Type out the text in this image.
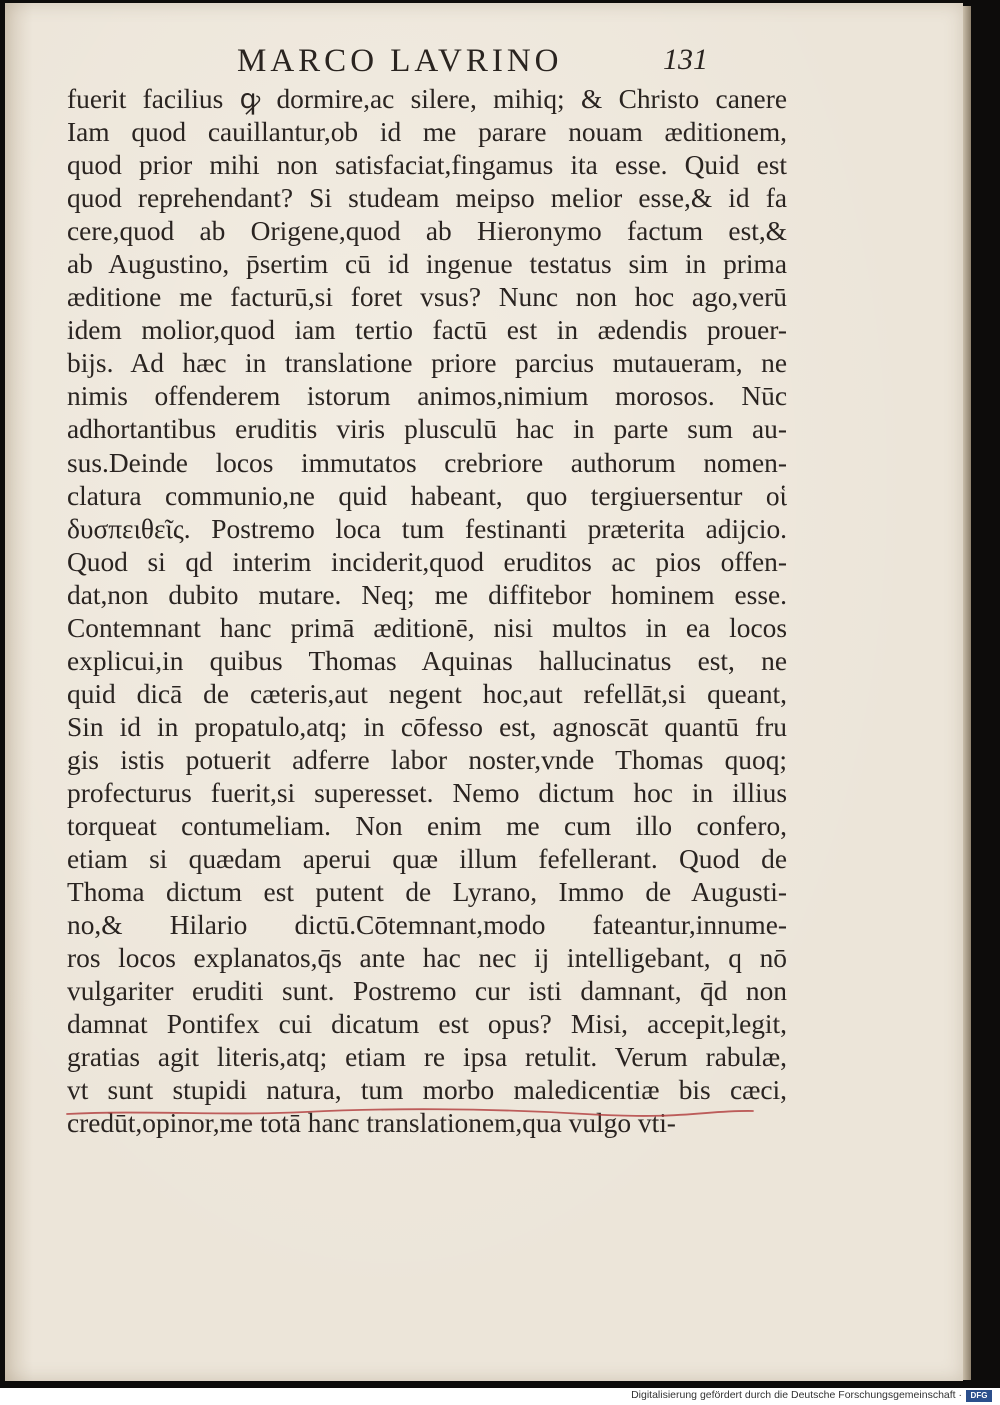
MARCO LAVRINO	131
fuerit facilius ꝙ dormire,ac silere, mihiq; & Christo canere
Iam quod cauillantur,ob id me parare nouam æditionem,
quod prior mihi non satisfaciat,fingamus ita esse. Quid est
quod reprehendant? Si studeam meipso melior esse,& id fa
cere,quod ab Origene,quod ab Hieronymo factum est,&
ab Augustino, p̄sertim cū id ingenue testatus sim in prima
æditione me facturū,si foret vsus? Nunc non hoc ago,verū
idem molior,quod iam tertio factū est in ædendis prouer-
bijs. Ad hæc in translatione priore parcius mutaueram, ne
nimis offenderem istorum animos,nimium morosos. Nūc
adhortantibus eruditis viris plusculū hac in parte sum au-
sus.Deinde locos immutatos crebriore authorum nomen-
clatura communio,ne quid habeant, quo tergiuersentur οἱ
δυσπειθεῖς. Postremo loca tum festinanti præterita adijcio.
Quod si qd interim inciderit,quod eruditos ac pios offen-
dat,non dubito mutare. Neq; me diffitebor hominem esse.
Contemnant hanc primā æditionē, nisi multos in ea locos
explicui,in quibus Thomas Aquinas hallucinatus est, ne
quid dicā de cæteris,aut negent hoc,aut refellāt,si queant,
Sin id in propatulo,atq; in cōfesso est, agnoscāt quantū fru
gis istis potuerit adferre labor noster,vnde Thomas quoq;
profecturus fuerit,si superesset. Nemo dictum hoc in illius
torqueat contumeliam. Non enim me cum illo confero,
etiam si quædam aperui quæ illum fefellerant. Quod de
Thoma dictum est putent de Lyrano, Immo de Augusti-
no,& Hilario dictū.Cōtemnant,modo fateantur,innume-
ros locos explanatos,q̄s ante hac nec ij intelligebant, q nō
vulgariter eruditi sunt. Postremo cur isti damnant, q̄d non
damnat Pontifex cui dicatum est opus? Misi, accepit,legit,
gratias agit literis,atq; etiam re ipsa retulit. Verum rabulæ,
vt sunt stupidi natura, tum morbo maledicentiæ bis cæci,
credūt,opinor,me totā hanc translationem,qua vulgo vti-
Digitalisierung gefördert durch die Deutsche Forschungsgemeinschaft ·	DFG
